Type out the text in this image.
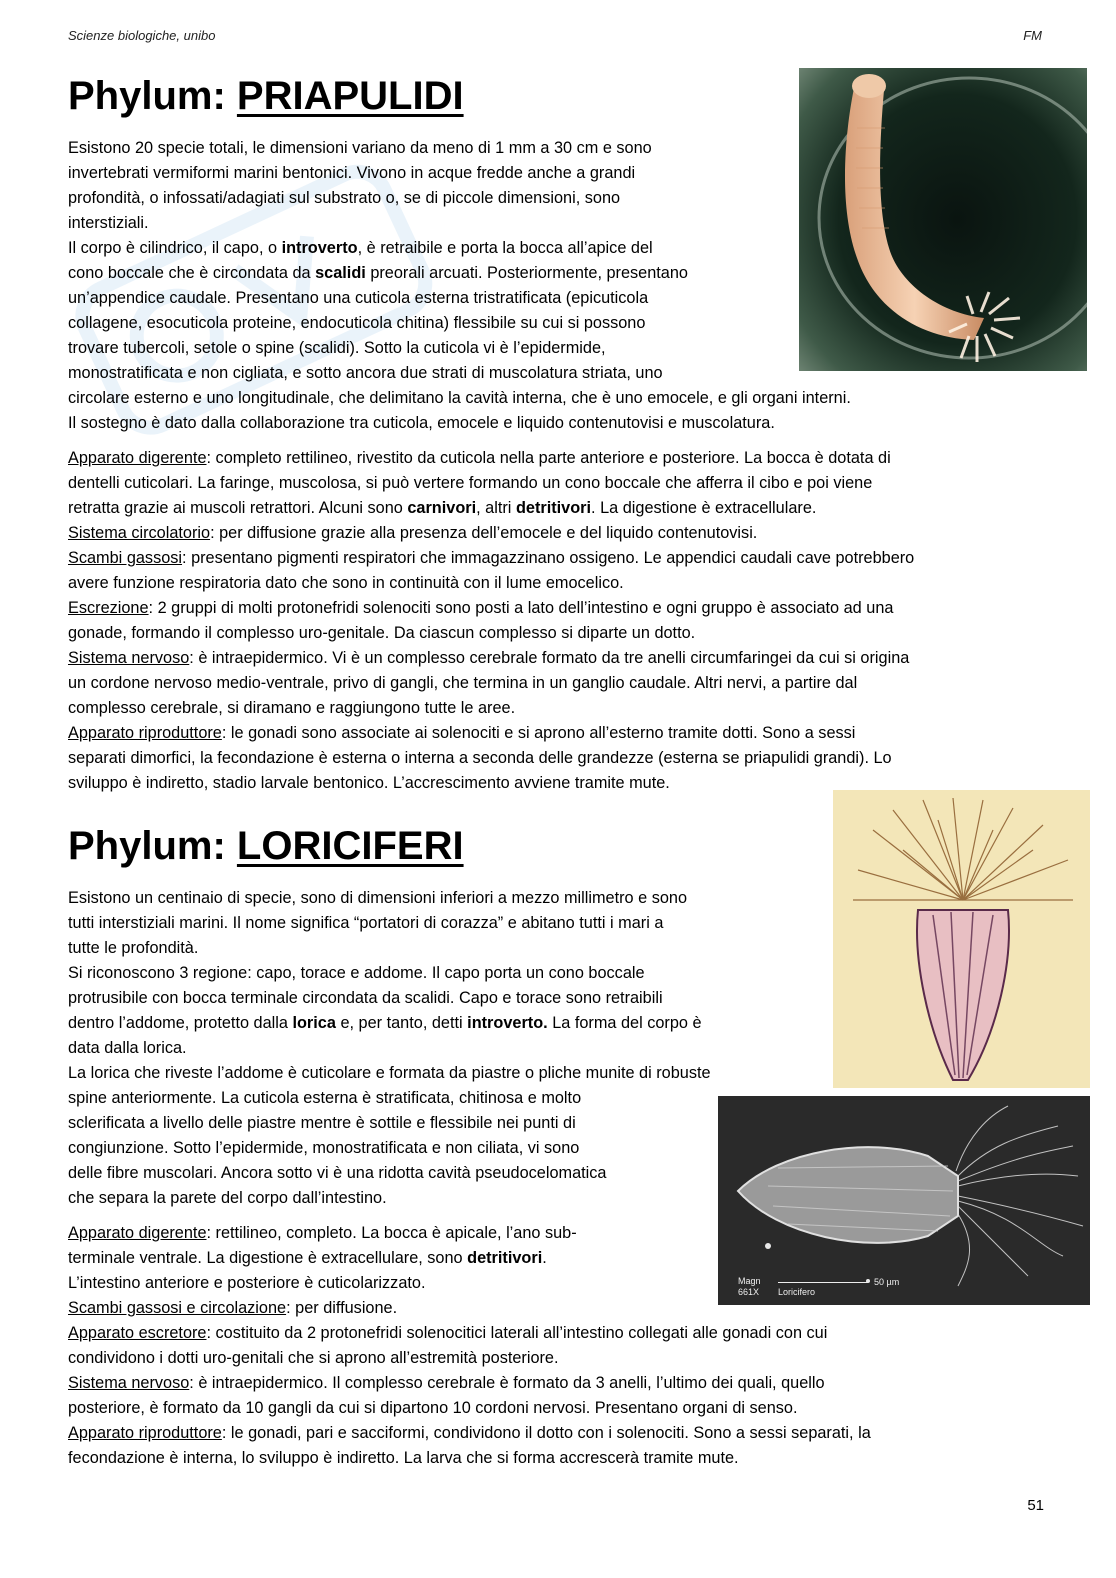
Scienze biologiche, unibo	FM
Phylum: PRIAPULIDI

Esistono 20 specie totali, le dimensioni variano da meno di 1 mm a 30 cm e sono

invertebrati vermiformi marini bentonici. Vivono in acque fredde anche a grandi

profondità, o infossati/adagiati sul substrato o, se di piccole dimensioni, sono

interstiziali.

Il corpo è cilindrico, il capo, o introverto, è retraibile e porta la bocca all’apice del

cono boccale che è circondata da scalidi preorali arcuati. Posteriormente, presentano

un’appendice caudale. Presentano una cuticola esterna tristratificata (epicuticola

collagene, esocuticola proteine, endocuticola chitina) flessibile su cui si possono

trovare tubercoli, setole o spine (scalidi). Sotto la cuticola vi è l’epidermide,

monostratificata e non cigliata, e sotto ancora due strati di muscolatura striata, uno

circolare esterno e uno longitudinale, che delimitano la cavità interna, che è uno emocele, e gli organi interni.

Il sostegno è dato dalla collaborazione tra cuticola, emocele e liquido contenutovisi e muscolatura.

Apparato digerente: completo rettilineo, rivestito da cuticola nella parte anteriore e posteriore. La bocca è dotata di

dentelli cuticolari. La faringe, muscolosa, si può vertere formando un cono boccale che afferra il cibo e poi viene

retratta grazie ai muscoli retrattori. Alcuni sono carnivori, altri detritivori. La digestione è extracellulare.

Sistema circolatorio: per diffusione grazie alla presenza dell’emocele e del liquido contenutovisi.

Scambi gassosi: presentano pigmenti respiratori che immagazzinano ossigeno. Le appendici caudali cave potrebbero

avere funzione respiratoria dato che sono in continuità con il lume emocelico.

Escrezione: 2 gruppi di molti protonefridi solenociti sono posti a lato dell’intestino e ogni gruppo è associato ad una

gonade, formando il complesso uro-genitale. Da ciascun complesso si diparte un dotto.

Sistema nervoso: è intraepidermico. Vi è un complesso cerebrale formato da tre anelli circumfaringei da cui si origina

un cordone nervoso medio-ventrale, privo di gangli, che termina in un ganglio caudale. Altri nervi, a partire dal

complesso cerebrale, si diramano e raggiungono tutte le aree.

Apparato riproduttore: le gonadi sono associate ai solenociti e si aprono all’esterno tramite dotti. Sono a sessi

separati dimorfici, la fecondazione è esterna o interna a seconda delle grandezze (esterna se priapulidi grandi). Lo

sviluppo è indiretto, stadio larvale bentonico. L’accrescimento avviene tramite mute.

Phylum: LORICIFERI
Magn
661X
50 µm
Loricifero

Esistono un centinaio di specie, sono di dimensioni inferiori a mezzo millimetro e sono

tutti interstiziali marini. Il nome significa “portatori di corazza” e abitano tutti i mari a

tutte le profondità.

Si riconoscono 3 regione: capo, torace e addome. Il capo porta un cono boccale

protrusibile con bocca terminale circondata da scalidi. Capo e torace sono retraibili

dentro l’addome, protetto dalla lorica e, per tanto, detti introverto. La forma del corpo è

data dalla lorica.

La lorica che riveste l’addome è cuticolare e formata da piastre o pliche munite di robuste

spine anteriormente. La cuticola esterna è stratificata, chitinosa e molto

sclerificata a livello delle piastre mentre è sottile e flessibile nei punti di

congiunzione. Sotto l’epidermide, monostratificata e non ciliata, vi sono

delle fibre muscolari. Ancora sotto vi è una ridotta cavità pseudocelomatica

che separa la parete del corpo dall’intestino.

Apparato digerente: rettilineo, completo. La bocca è apicale, l’ano sub-

terminale ventrale. La digestione è extracellulare, sono detritivori.

L’intestino anteriore e posteriore è cuticolarizzato.

Scambi gassosi e circolazione: per diffusione.

Apparato escretore: costituito da 2 protonefridi solenocitici laterali all’intestino collegati alle gonadi con cui

condividono i dotti uro-genitali che si aprono all’estremità posteriore.

Sistema nervoso: è intraepidermico. Il complesso cerebrale è formato da 3 anelli, l’ultimo dei quali, quello

posteriore, è formato da 10 gangli da cui si dipartono 10 cordoni nervosi. Presentano organi di senso.

Apparato riproduttore: le gonadi, pari e sacciformi, condividono il dotto con i solenociti. Sono a sessi separati, la

fecondazione è interna, lo sviluppo è indiretto. La larva che si forma accrescerà tramite mute.

51
